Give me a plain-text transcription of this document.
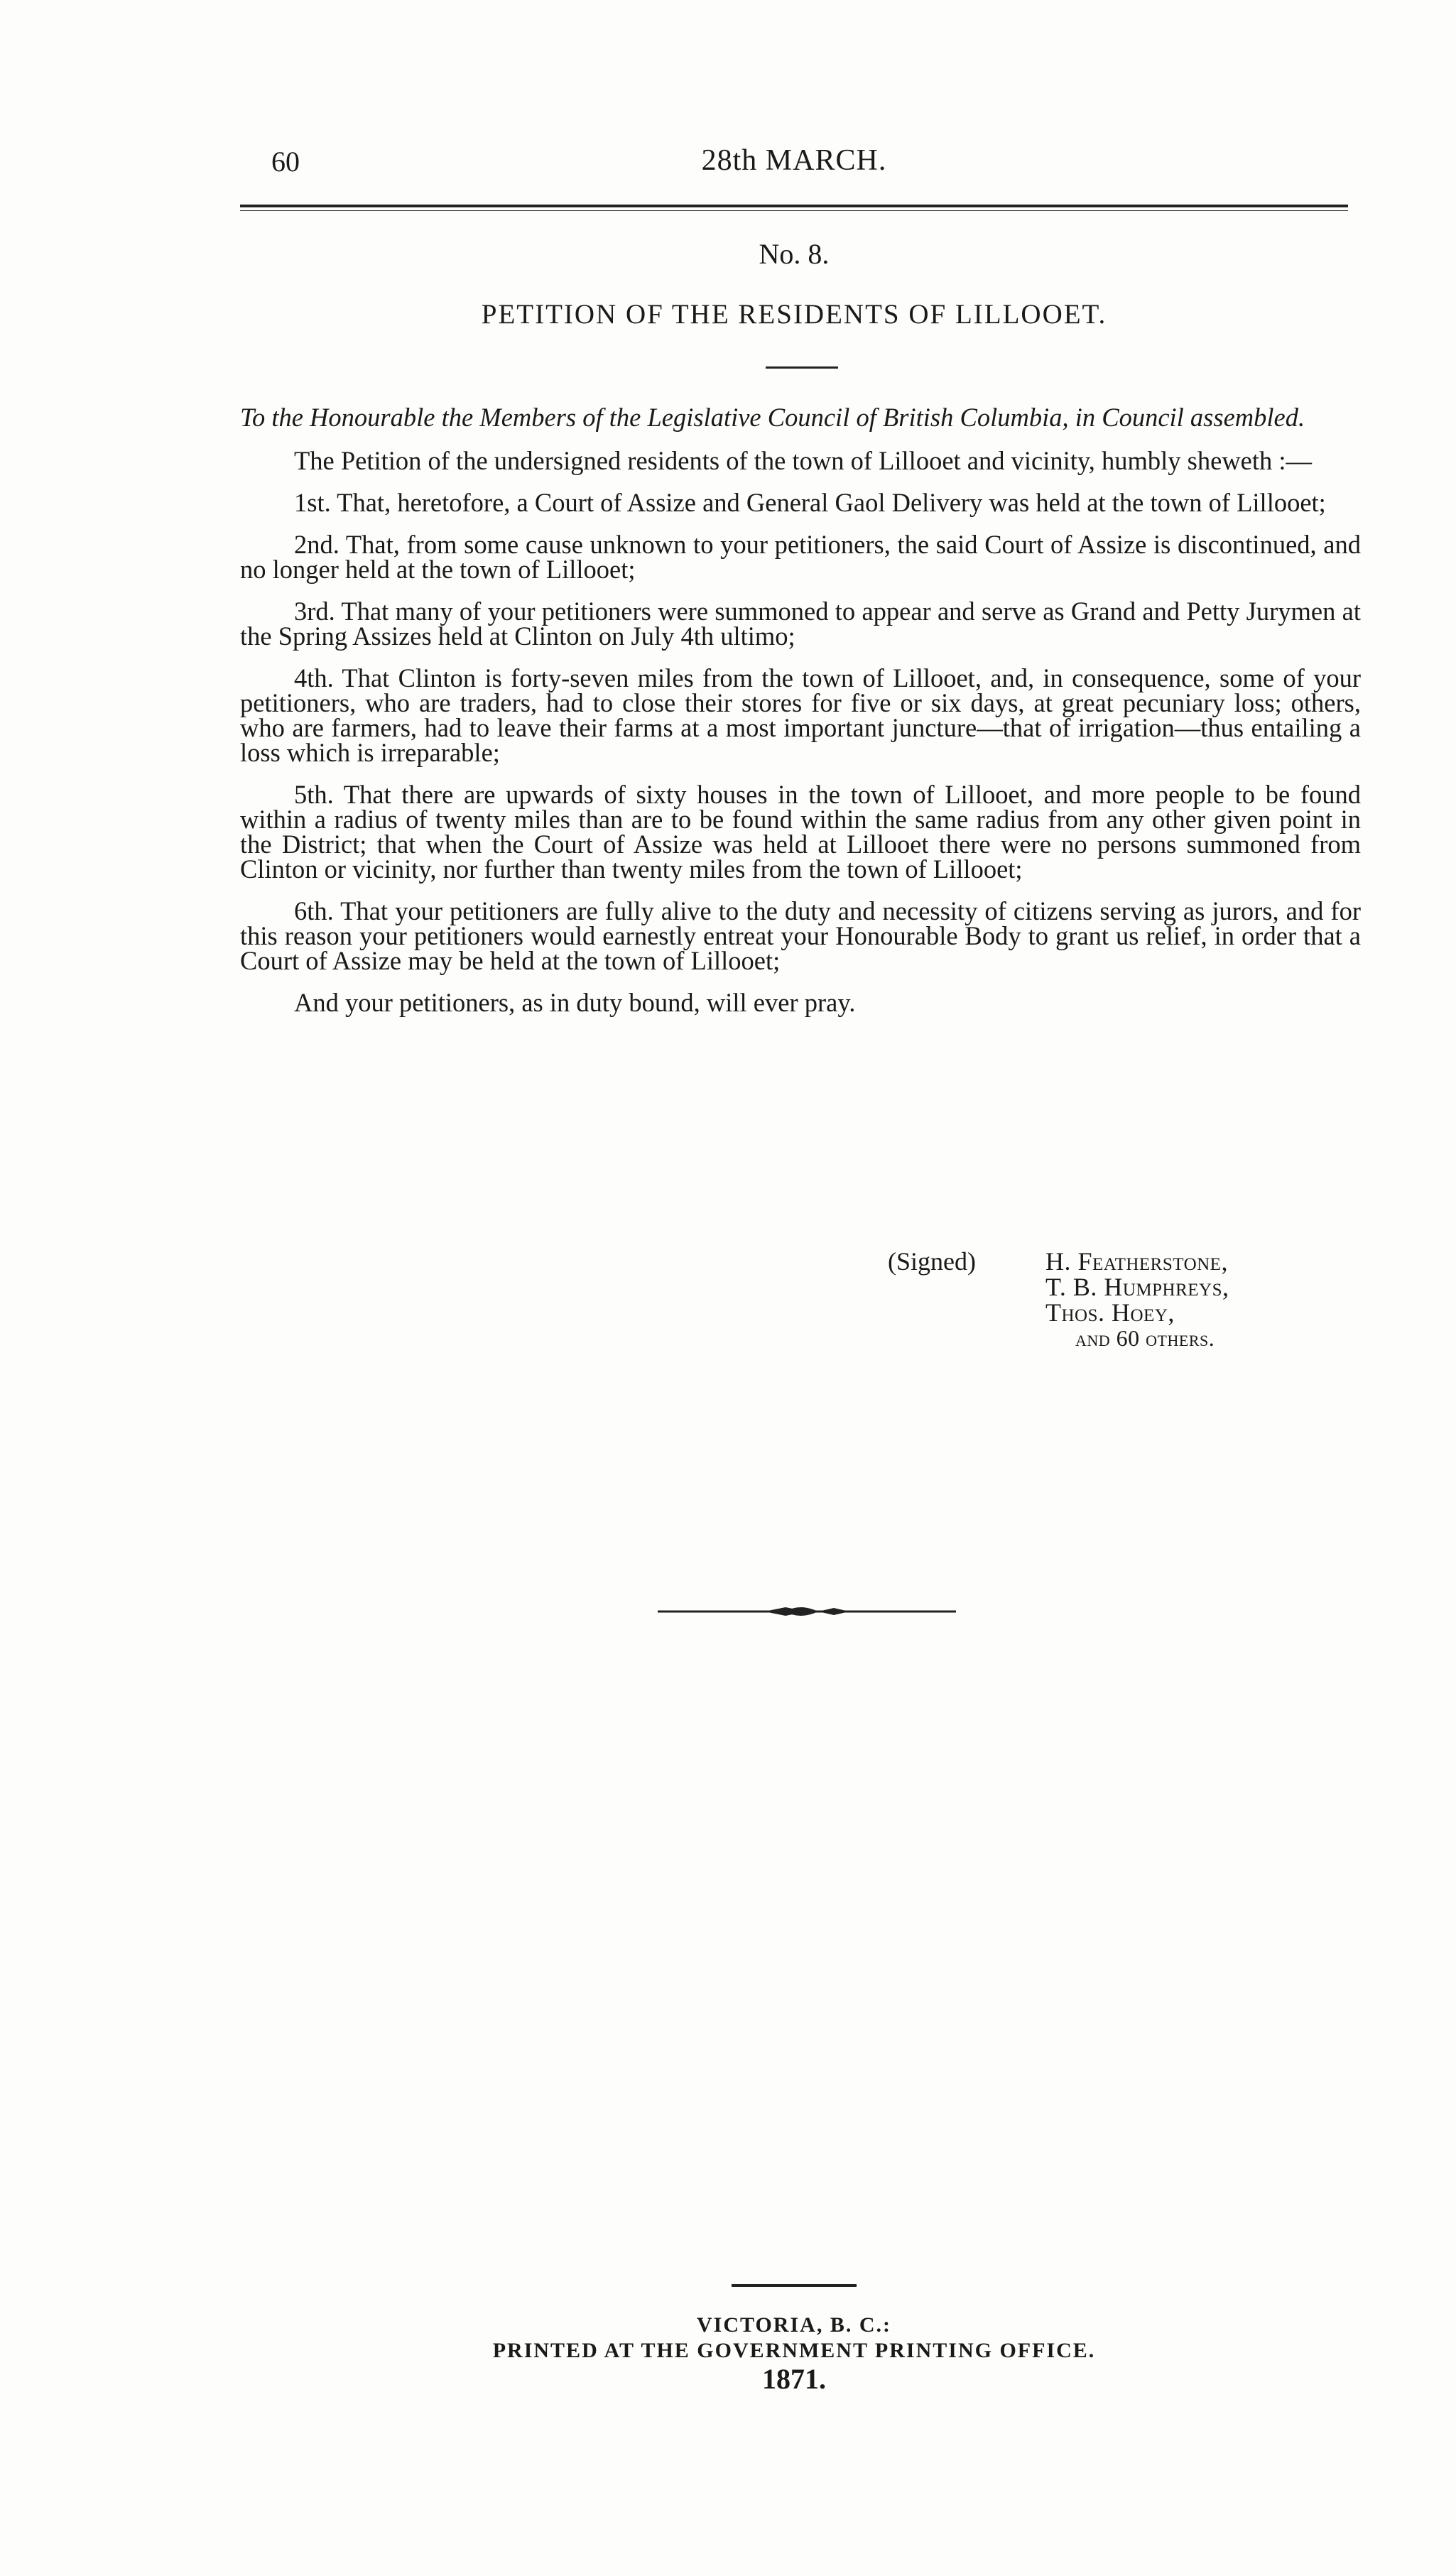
60	28th MARCH.
No. 8.
PETITION OF THE RESIDENTS OF LILLOOET.

To the Honourable the Members of the Legislative Council of British Columbia, in Council assembled.

The Petition of the undersigned residents of the town of Lillooet and vicinity, humbly sheweth :—

1st. That, heretofore, a Court of Assize and General Gaol Delivery was held at the town of Lillooet;

2nd. That, from some cause unknown to your petitioners, the said Court of Assize is discontinued, and no longer held at the town of Lillooet;

3rd. That many of your petitioners were summoned to appear and serve as Grand and Petty Jurymen at the Spring Assizes held at Clinton on July 4th ultimo;

4th. That Clinton is forty-seven miles from the town of Lillooet, and, in consequence, some of your petitioners, who are traders, had to close their stores for five or six days, at great pecuniary loss; others, who are farmers, had to leave their farms at a most important juncture—that of irrigation—thus entailing a loss which is irreparable;

5th. That there are upwards of sixty houses in the town of Lillooet, and more people to be found within a radius of twenty miles than are to be found within the same radius from any other given point in the District; that when the Court of Assize was held at Lillooet there were no persons summoned from Clinton or vicinity, nor further than twenty miles from the town of Lillooet;

6th. That your petitioners are fully alive to the duty and necessity of citizens serving as jurors, and for this reason your petitioners would earnestly entreat your Honourable Body to grant us relief, in order that a Court of Assize may be held at the town of Lillooet;

And your petitioners, as in duty bound, will ever pray.

(Signed)	H. Featherstone,
T. B. Humphreys,
Thos. Hoey,
and 60 others.
VICTORIA, B. C.:
PRINTED AT THE GOVERNMENT PRINTING OFFICE.
1871.
